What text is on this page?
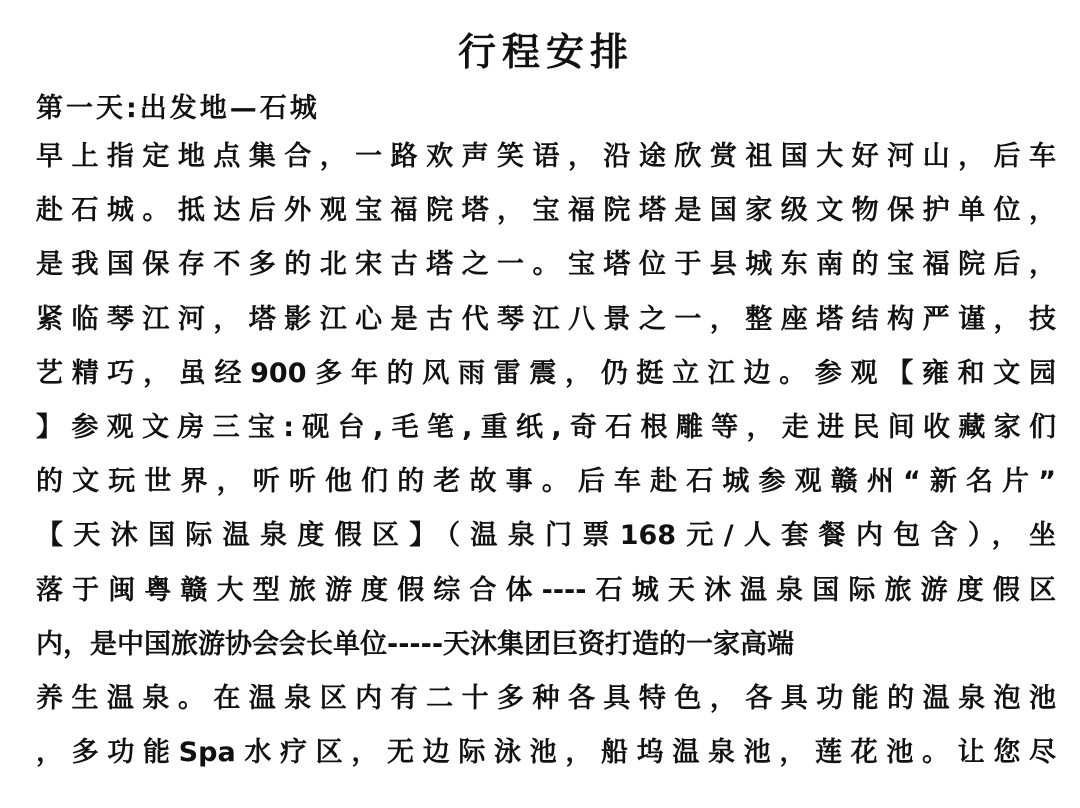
行程安排
第一天:出发地—石城
早上指定地点集合，一路欢声笑语，沿途欣赏祖国大好河山，后车
赴石城。抵达后外观宝福院塔，宝福院塔是国家级文物保护单位，
是我国保存不多的北宋古塔之一。宝塔位于县城东南的宝福院后，
紧临琴江河，塔影江心是古代琴江八景之一，整座塔结构严谨，技
艺精巧，虽经900多年的风雨雷震，仍挺立江边。参观【雍和文园
】参观文房三宝:砚台,毛笔,重纸,奇石根雕等，走进民间收藏家们
的文玩世界，听听他们的老故事。后车赴石城参观赣州“新名片”
【天沐国际温泉度假区】（温泉门票168元/人套餐内包含），坐
落于闽粤赣大型旅游度假综合体----石城天沐温泉国际旅游度假区
内，是中国旅游协会会长单位-----天沐集团巨资打造的一家高端
养生温泉。在温泉区内有二十多种各具特色，各具功能的温泉泡池
，多功能Spa水疗区，无边际泳池，船坞温泉池，莲花池。让您尽
